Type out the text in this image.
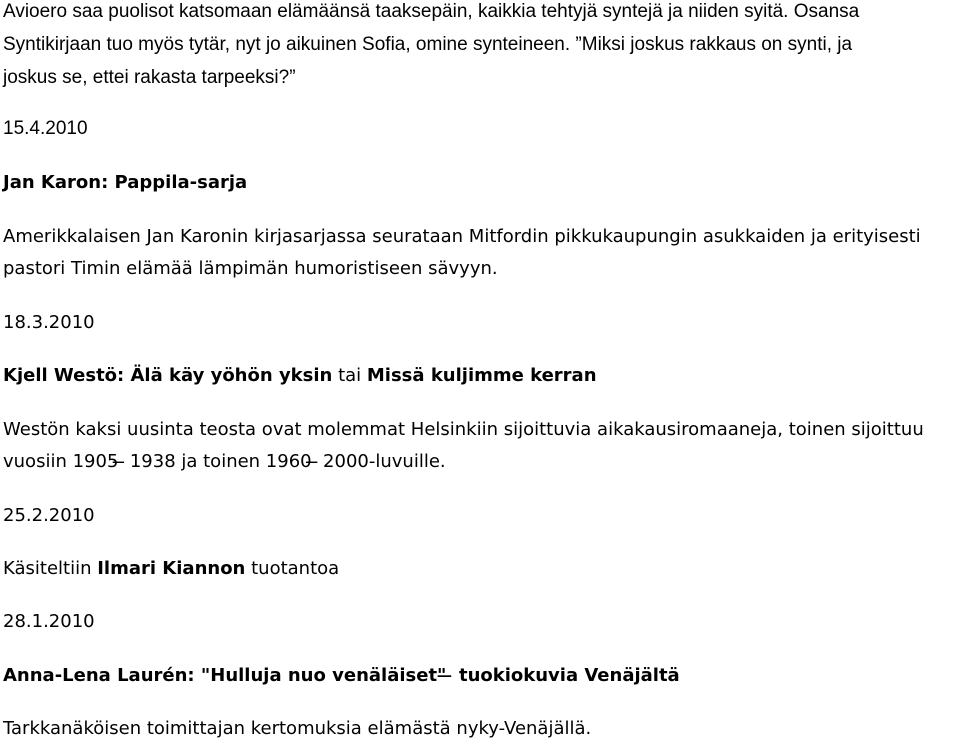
Avioero saa puolisot katsomaan elämäänsä taaksepäin, kaikkia tehtyjä syntejä ja niiden syitä. Osansa
Syntikirjaan tuo myös tytär, nyt jo aikuinen Sofia, omine synteineen. ”Miksi joskus rakkaus on synti, ja
joskus se, ettei rakasta tarpeeksi?”
15.4.2010
Jan Karon: Pappila-sarja
Amerikkalaisen Jan Karonin kirjasarjassa seurataan Mitfordin pikkukaupungin asukkaiden ja erityisesti
pastori Timin elämää lämpimän humoristiseen sävyyn.
18.3.2010
Kjell Westö: Älä käy yöhön yksin tai Missä kuljimme kerran
Westön kaksi uusinta teosta ovat molemmat Helsinkiin sijoittuvia aikakausiromaaneja, toinen sijoittuu
vuosiin 1905 ̶ 1938 ja toinen 1960 ̶ 2000-luvuille.
25.2.2010
Käsiteltiin Ilmari Kiannon tuotantoa
28.1.2010
Anna-Lena Laurén: "Hulluja nuo venäläiset" ̶ tuokiokuvia Venäjältä
Tarkkanäköisen toimittajan kertomuksia elämästä nyky-Venäjällä.
